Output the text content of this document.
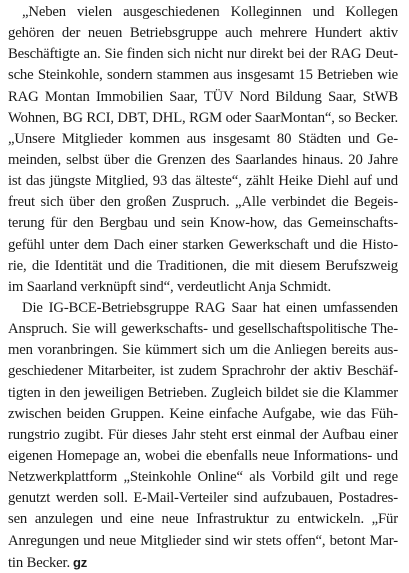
„Neben vielen ausgeschiedenen Kolleginnen und Kollegen
gehören der neuen Betriebsgruppe auch mehrere Hundert aktiv
Beschäftigte an. Sie finden sich nicht nur direkt bei der RAG Deut-
sche Steinkohle, sondern stammen aus insgesamt 15 Betrieben wie
RAG Montan Immobilien Saar, TÜV Nord Bildung Saar, StWB
Wohnen, BG RCI, DBT, DHL, RGM oder SaarMontan“, so Becker.
„Unsere Mitglieder kommen aus insgesamt 80 Städten und Ge-
meinden, selbst über die Grenzen des Saarlandes hinaus. 20 Jahre
ist das jüngste Mitglied, 93 das älteste“, zählt Heike Diehl auf und
freut sich über den großen Zuspruch. „Alle verbindet die Begeis-
terung für den Bergbau und sein Know-how, das Gemeinschafts-
gefühl unter dem Dach einer starken Gewerkschaft und die Histo-
rie, die Identität und die Traditionen, die mit diesem Berufszweig
im Saarland verknüpft sind“, verdeutlicht Anja Schmidt.
Die IG-BCE-Betriebsgruppe RAG Saar hat einen umfassenden
Anspruch. Sie will gewerkschafts- und gesellschaftspolitische The-
men voranbringen. Sie kümmert sich um die Anliegen bereits aus-
geschiedener Mitarbeiter, ist zudem Sprachrohr der aktiv Beschäf-
tigten in den jeweiligen Betrieben. Zugleich bildet sie die Klammer
zwischen beiden Gruppen. Keine einfache Aufgabe, wie das Füh-
rungstrio zugibt. Für dieses Jahr steht erst einmal der Aufbau einer
eigenen Homepage an, wobei die ebenfalls neue Informations- und
Netzwerkplattform „Steinkohle Online“ als Vorbild gilt und rege
genutzt werden soll. E-Mail-Verteiler sind aufzubauen, Postadres-
sen anzulegen und eine neue Infrastruktur zu entwickeln. „Für
Anregungen und neue Mitglieder sind wir stets offen“, betont Mar-
tin Becker. gz
